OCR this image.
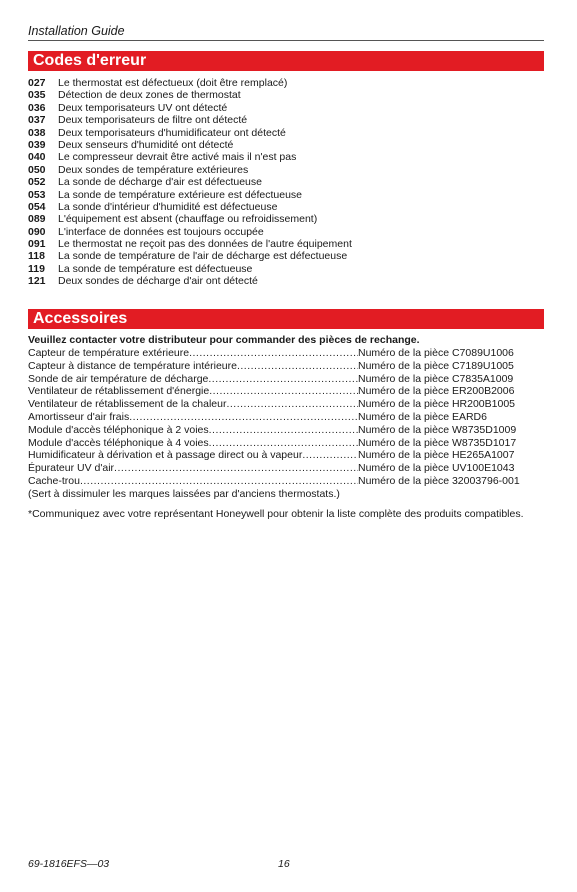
Installation Guide
Codes d'erreur
027 Le thermostat est défectueux (doit être remplacé)
035 Détection de deux zones de thermostat
036 Deux temporisateurs UV ont détecté
037 Deux temporisateurs de filtre ont détecté
038 Deux temporisateurs d'humidificateur ont détecté
039 Deux senseurs d'humidité ont détecté
040 Le compresseur devrait être activé mais il n'est pas
050 Deux sondes de température extérieures
052 La sonde de décharge d'air est défectueuse
053 La sonde de température extérieure est défectueuse
054 La sonde d'intérieur d'humidité est défectueuse
089 L'équipement est absent (chauffage ou refroidissement)
090 L'interface de données est toujours occupée
091 Le thermostat ne reçoit pas des données de l'autre équipement
118 La sonde de température de l'air de décharge est défectueuse
119 La sonde de température est défectueuse
121 Deux sondes de décharge d'air ont détecté
Accessoires
Veuillez contacter votre distributeur pour commander des pièces de rechange.
Capteur de température extérieure .....	Numéro de la pièce C7089U1006
Capteur à distance de température intérieure .....	Numéro de la pièce C7189U1005
Sonde de air température de décharge .....	Numéro de la pièce C7835A1009
Ventilateur de rétablissement d'énergie .....	Numéro de la pièce ER200B2006
Ventilateur de rétablissement de la chaleur .....	Numéro de la pièce HR200B1005
Amortisseur d'air frais .....	Numéro de la pièce EARD6
Module d'accès téléphonique à 2 voies .....	Numéro de la pièce W8735D1009
Module d'accès téléphonique à 4 voies .....	Numéro de la pièce W8735D1017
Humidificateur à dérivation et à passage direct ou à vapeur .....	Numéro de la pièce HE265A1007
Épurateur UV d'air .....	Numéro de la pièce UV100E1043
Cache-trou .....	Numéro de la pièce 32003796-001
(Sert à dissimuler les marques laissées par d'anciens thermostats.)
*Communiquez avec votre représentant Honeywell pour obtenir la liste complète des produits compatibles.
69-1816EFS—03	16
